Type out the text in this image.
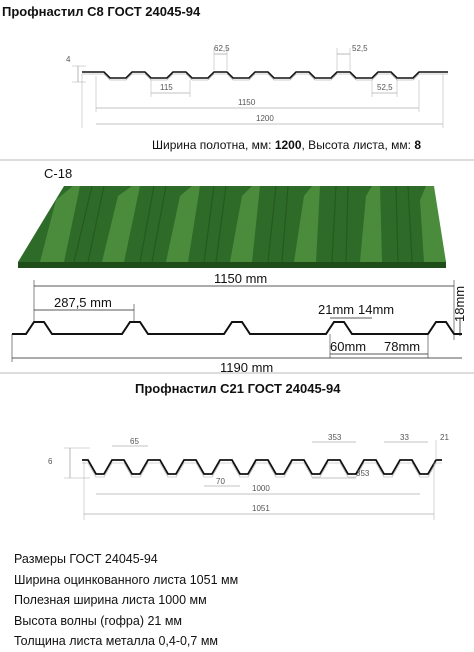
Профнастил С8 ГОСТ 24045-94
4
62,5	52,5
115	52,5
1150
1200
С-18
1150 mm
287,5 mm	21mm 14mm	18mm
60mm 78mm
1190 mm
6
65	353	33	21
70
353
1000
1051
Ширина полотна, мм: 1200, Высота листа, мм: 8
Профнастил С21 ГОСТ 24045-94
Размеры ГОСТ 24045-94
Ширина оцинкованного листа 1051 мм
Полезная ширина листа 1000 мм
Высота волны (гофра) 21 мм
Толщина листа металла 0,4-0,7 мм
